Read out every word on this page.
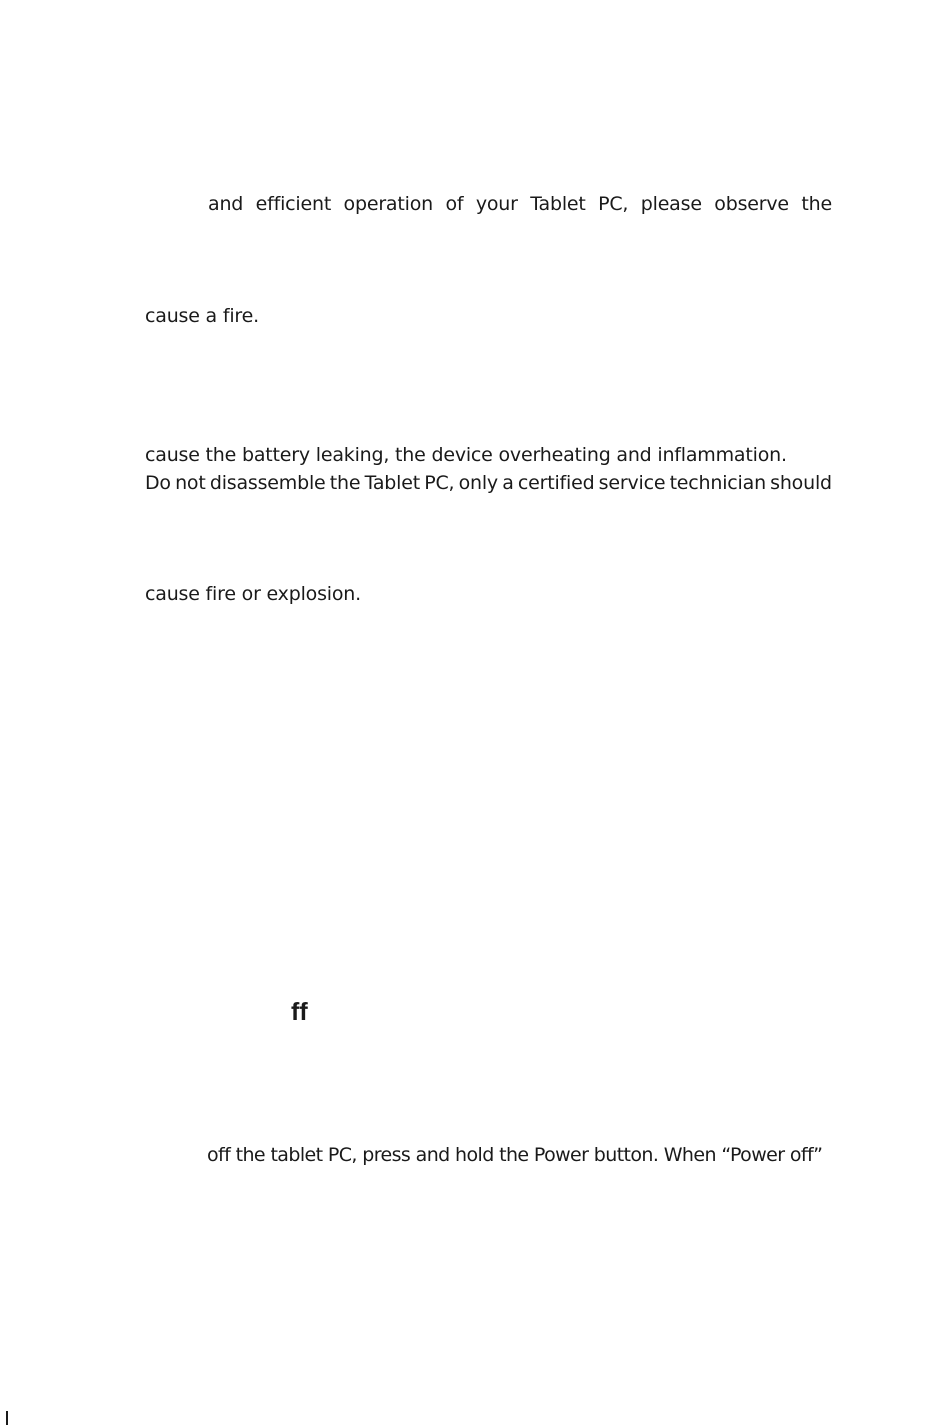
and efficient operation of your Tablet PC, please observe the
cause a fire.
cause the battery leaking, the device overheating and inflammation.
Do not disassemble the Tablet PC, only a certified service technician should
cause fire or explosion.
ff
off the tablet PC, press and hold the Power button. When “Power off”
